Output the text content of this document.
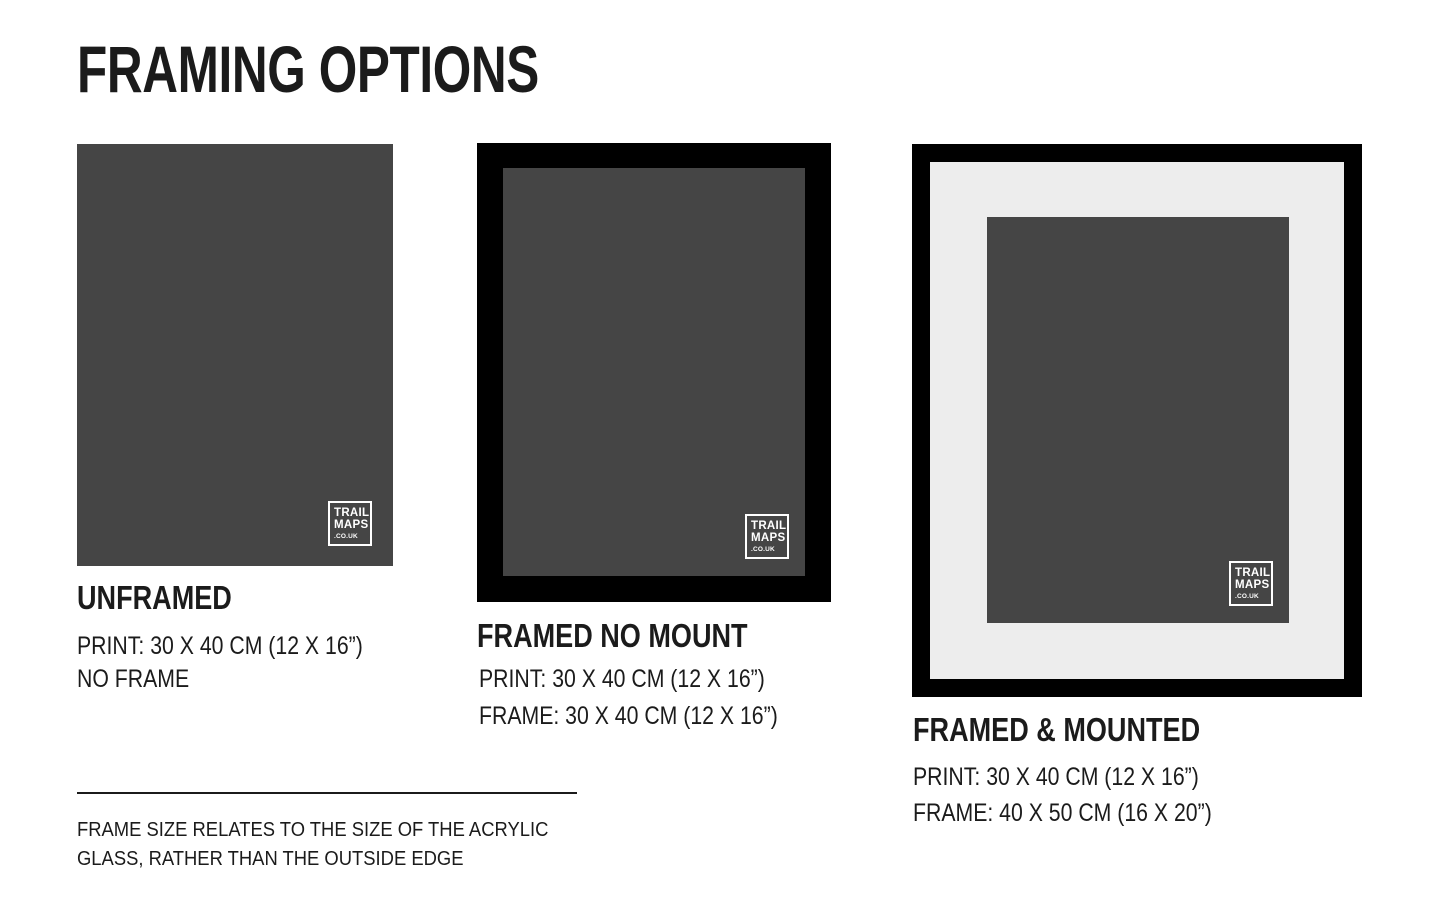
FRAMING OPTIONS
TRAIL
MAPS
.CO.UK
UNFRAMED

PRINT: 30 X 40 CM (12 X 16”)

NO FRAME

TRAIL
MAPS
.CO.UK
FRAMED NO MOUNT

PRINT: 30 X 40 CM (12 X 16”)

FRAME: 30 X 40 CM (12 X 16”)

TRAIL
MAPS
.CO.UK
FRAMED & MOUNTED

PRINT: 30 X 40 CM (12 X 16”)

FRAME: 40 X 50 CM (16 X 20”)

FRAME SIZE RELATES TO THE SIZE OF THE ACRYLIC

GLASS, RATHER THAN THE OUTSIDE EDGE
